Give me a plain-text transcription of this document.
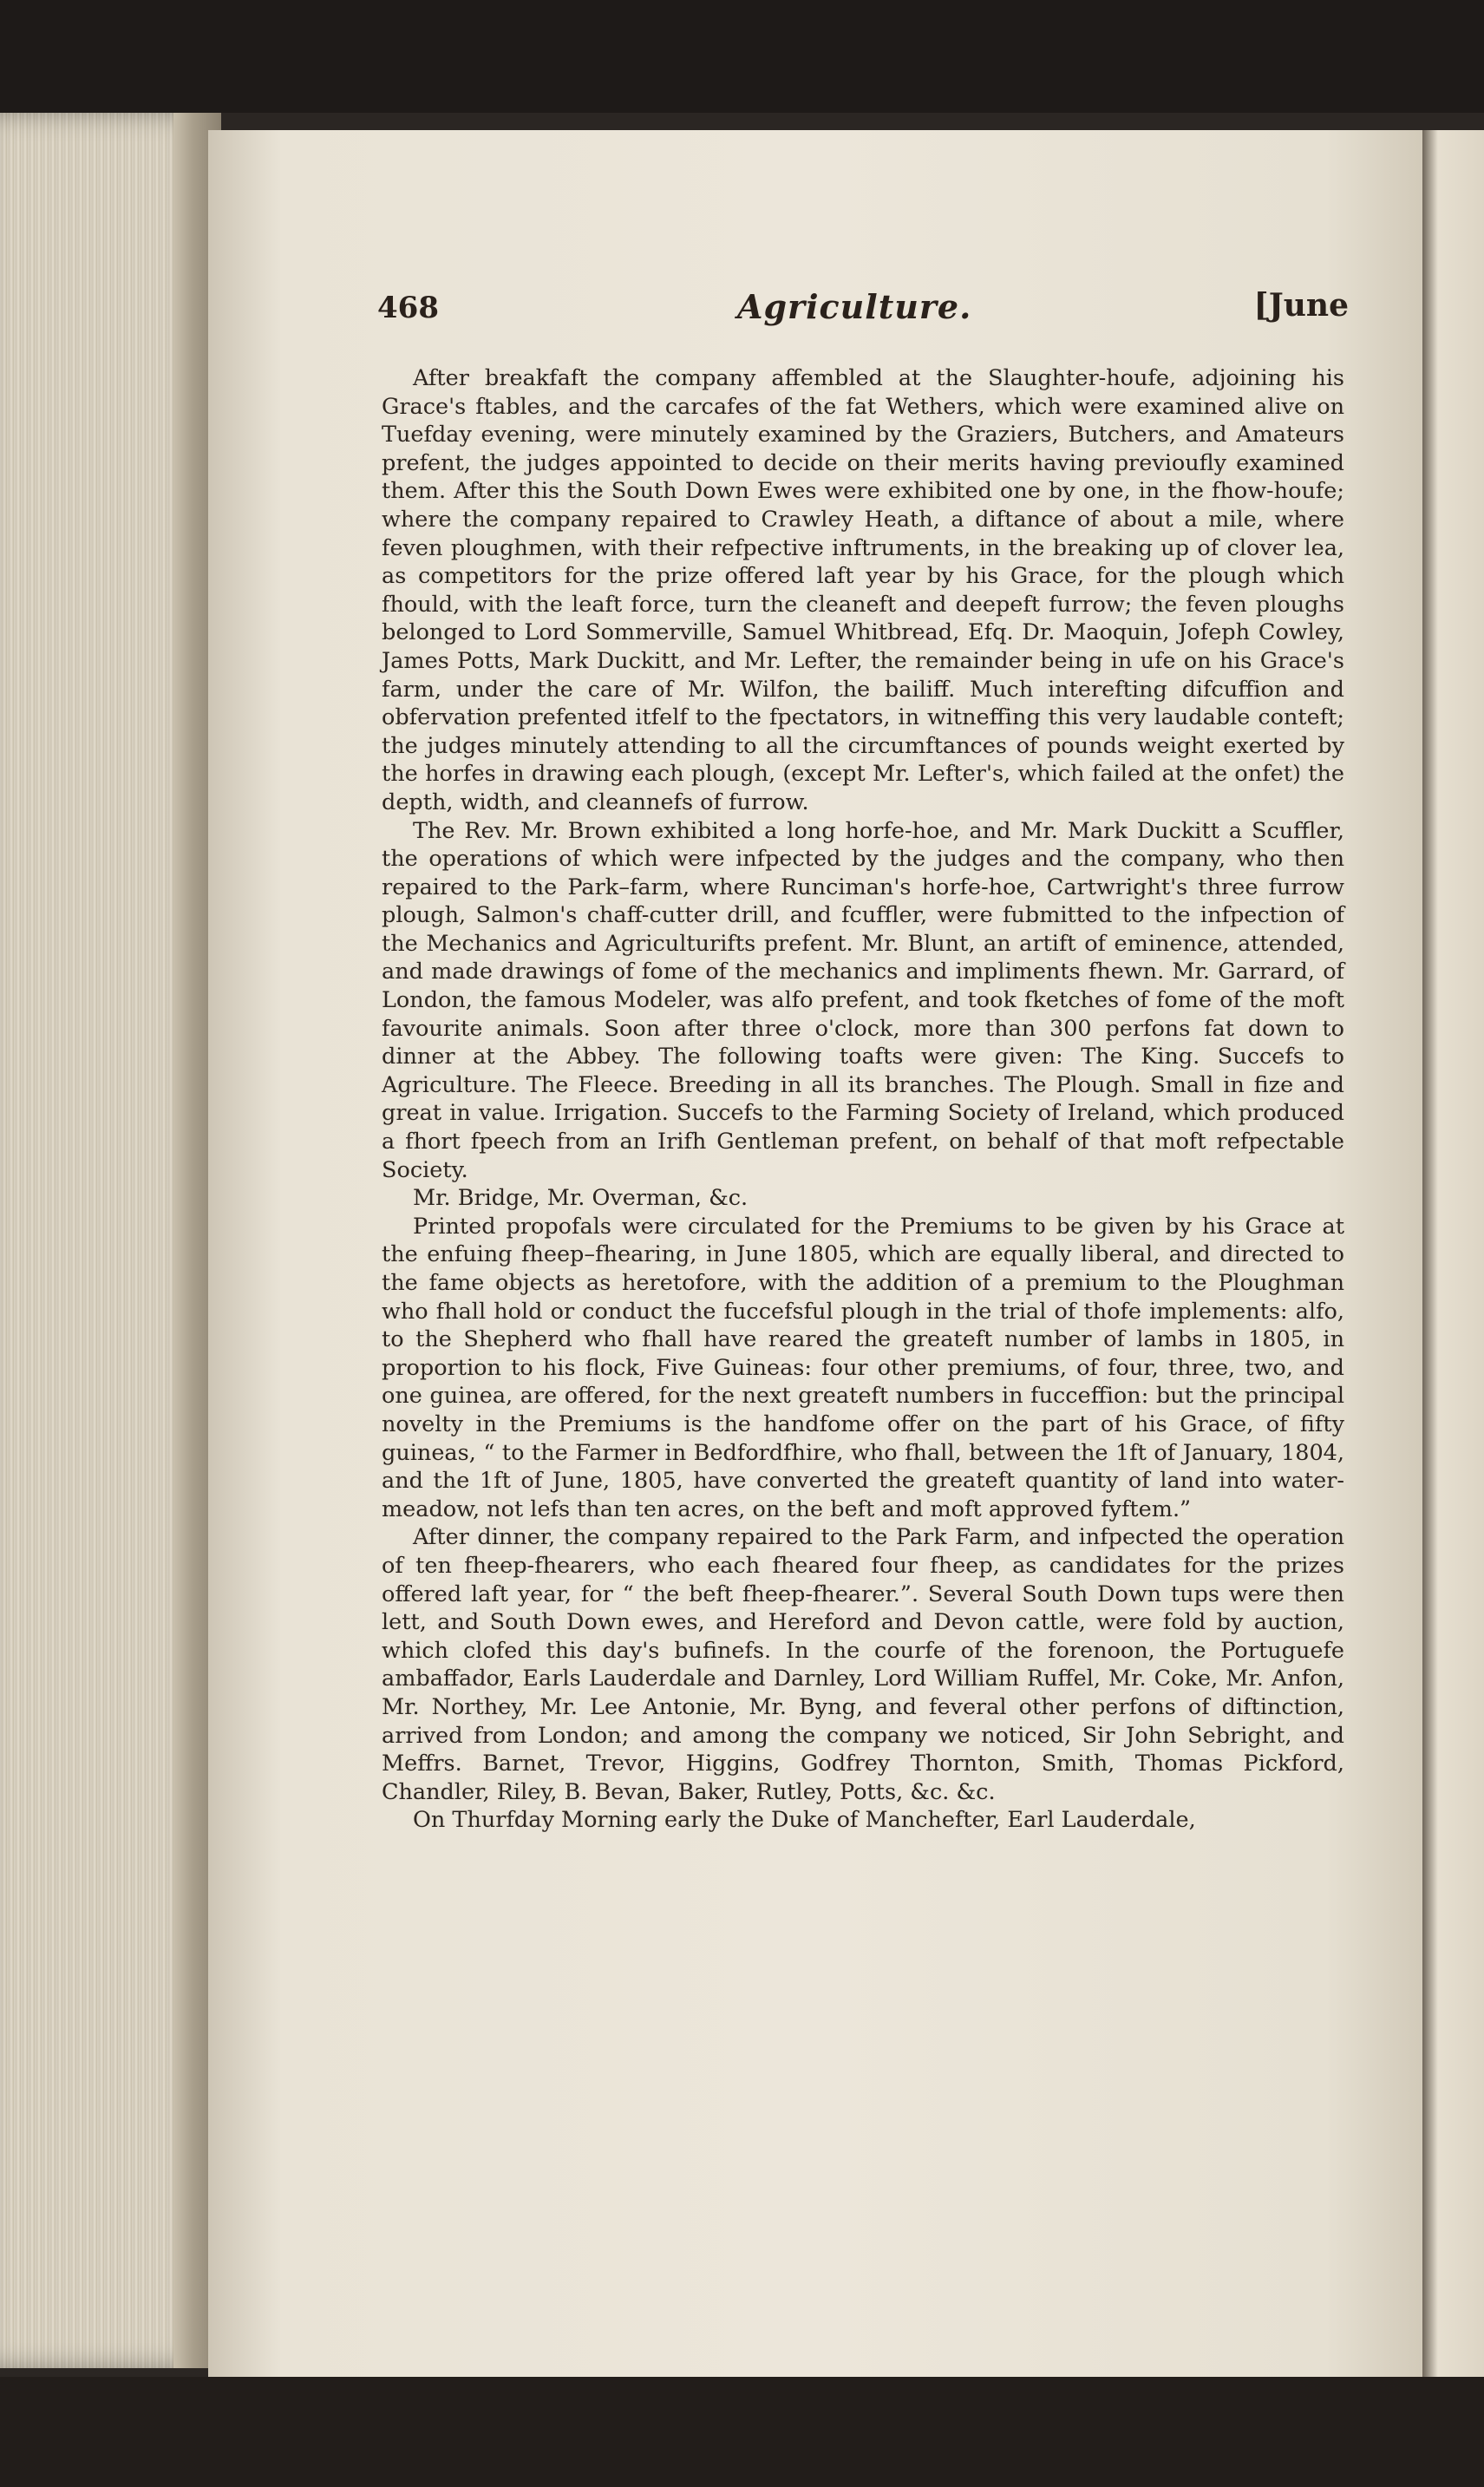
468	Agriculture.	[June

After breakfaft the company affembled at the Slaughter-houfe, adjoining his Grace's ftables, and the carcafes of the fat Wethers, which were examined alive on Tuefday evening, were minutely examined by the Graziers, Butchers, and Amateurs prefent, the judges appointed to decide on their merits having previoufly examined them. After this the South Down Ewes were exhibited one by one, in the fhow-houfe; where the company repaired to Crawley Heath, a diftance of about a mile, where feven ploughmen, with their refpective inftruments, in the breaking up of clover lea, as competitors for the prize offered laft year by his Grace, for the plough which fhould, with the leaft force, turn the cleaneft and deepeft furrow; the feven ploughs belonged to Lord Sommerville, Samuel Whitbread, Efq. Dr. Maoquin, Jofeph Cowley, James Potts, Mark Duckitt, and Mr. Lefter, the remainder being in ufe on his Grace's farm, under the care of Mr. Wilfon, the bailiff. Much interefting difcuffion and obfervation prefented itfelf to the fpectators, in witneffing this very laudable conteft; the judges minutely attending to all the circumftances of pounds weight exerted by the horfes in drawing each plough, (except Mr. Lefter's, which failed at the onfet) the depth, width, and cleannefs of furrow.

The Rev. Mr. Brown exhibited a long horfe-hoe, and Mr. Mark Duckitt a Scuffler, the operations of which were infpected by the judges and the company, who then repaired to the Park–farm, where Runciman's horfe-hoe, Cartwright's three furrow plough, Salmon's chaff-cutter drill, and fcuffler, were fubmitted to the infpection of the Mechanics and Agriculturifts prefent. Mr. Blunt, an artift of eminence, attended, and made drawings of fome of the mechanics and impliments fhewn. Mr. Garrard, of London, the famous Modeler, was alfo prefent, and took fketches of fome of the moft favourite animals. Soon after three o'clock, more than 300 perfons fat down to dinner at the Abbey. The following toafts were given: The King. Succefs to Agriculture. The Fleece. Breeding in all its branches. The Plough. Small in fize and great in value. Irrigation. Succefs to the Farming Society of Ireland, which produced a fhort fpeech from an Irifh Gentleman prefent, on behalf of that moft refpectable Society.

Mr. Bridge, Mr. Overman, &c.

Printed propofals were circulated for the Premiums to be given by his Grace at the enfuing fheep–fhearing, in June 1805, which are equally liberal, and directed to the fame objects as heretofore, with the addition of a premium to the Ploughman who fhall hold or conduct the fuccefsful plough in the trial of thofe implements: alfo, to the Shepherd who fhall have reared the greateft number of lambs in 1805, in proportion to his flock, Five Guineas: four other premiums, of four, three, two, and one guinea, are offered, for the next greateft numbers in fucceffion: but the principal novelty in the Premiums is the handfome offer on the part of his Grace, of fifty guineas, “ to the Farmer in Bedfordfhire, who fhall, between the 1ft of January, 1804, and the 1ft of June, 1805, have converted the greateft quantity of land into water-meadow, not lefs than ten acres, on the beft and moft approved fyftem.”

After dinner, the company repaired to the Park Farm, and infpected the operation of ten fheep-fhearers, who each fheared four fheep, as candidates for the prizes offered laft year, for “ the beft fheep-fhearer.”. Several South Down tups were then lett, and South Down ewes, and Hereford and Devon cattle, were fold by auction, which clofed this day's bufinefs. In the courfe of the forenoon, the Portuguefe ambaffador, Earls Lauderdale and Darnley, Lord William Ruffel, Mr. Coke, Mr. Anfon, Mr. Northey, Mr. Lee Antonie, Mr. Byng, and feveral other perfons of diftinction, arrived from London; and among the company we noticed, Sir John Sebright, and Meffrs. Barnet, Trevor, Higgins, Godfrey Thornton, Smith, Thomas Pickford, Chandler, Riley, B. Bevan, Baker, Rutley, Potts, &c. &c.

On Thurfday Morning early the Duke of Manchefter, Earl Lauderdale,
